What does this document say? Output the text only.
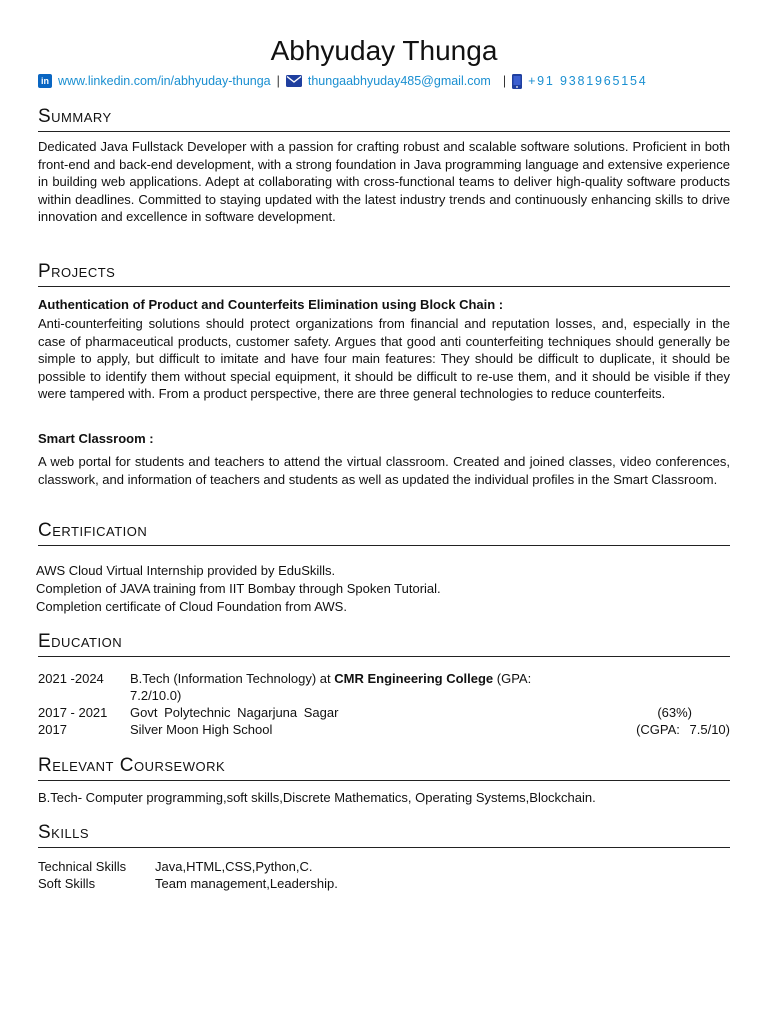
Abhyuday Thunga
in www.linkedin.com/in/abhyuday-thunga | thungaabhyuday485@gmail.com | +91 9381965154
Summary

Dedicated Java Fullstack Developer with a passion for crafting robust and scalable software solutions. Proficient in both front-end and back-end development, with a strong foundation in Java programming language and extensive experience in building web applications. Adept at collaborating with cross-functional teams to deliver high-quality software products within deadlines. Committed to staying updated with the latest industry trends and continuously enhancing skills to drive innovation and excellence in software development.

Projects
Authentication of Product and Counterfeits Elimination using Block Chain :

Anti-counterfeiting solutions should protect organizations from financial and reputation losses, and, especially in the case of pharmaceutical products, customer safety. Argues that good anti counterfeiting techniques should generally be simple to apply, but difficult to imitate and have four main features: They should be difficult to duplicate, it should be possible to identify them without special equipment, it should be difficult to re-use them, and it should be visible if they were tampered with. From a product perspective, there are three general technologies to reduce counterfeits.

Smart Classroom :

A web portal for students and teachers to attend the virtual classroom. Created and joined classes, video conferences, classwork, and information of teachers and students as well as updated the individual profiles in the Smart Classroom.

Certification
AWS Cloud Virtual Internship provided by EduSkills.
Completion of JAVA training from IIT Bombay through Spoken Tutorial.
Completion certificate of Cloud Foundation from AWS.
Education
2021 -2024 B.Tech (Information Technology) at CMR Engineering College (GPA:
7.2/10.0)
2017 - 2021 Govt Polytechnic Nagarjuna Sagar	(63%)
2017	Silver Moon High School	(CGPA: 7.5/10)
Relevant Coursework
B.Tech- Computer programming,soft skills,Discrete Mathematics, Operating Systems,Blockchain.
Skills
Technical Skills	Java,HTML,CSS,Python,C.
Soft Skills	Team management,Leadership.
